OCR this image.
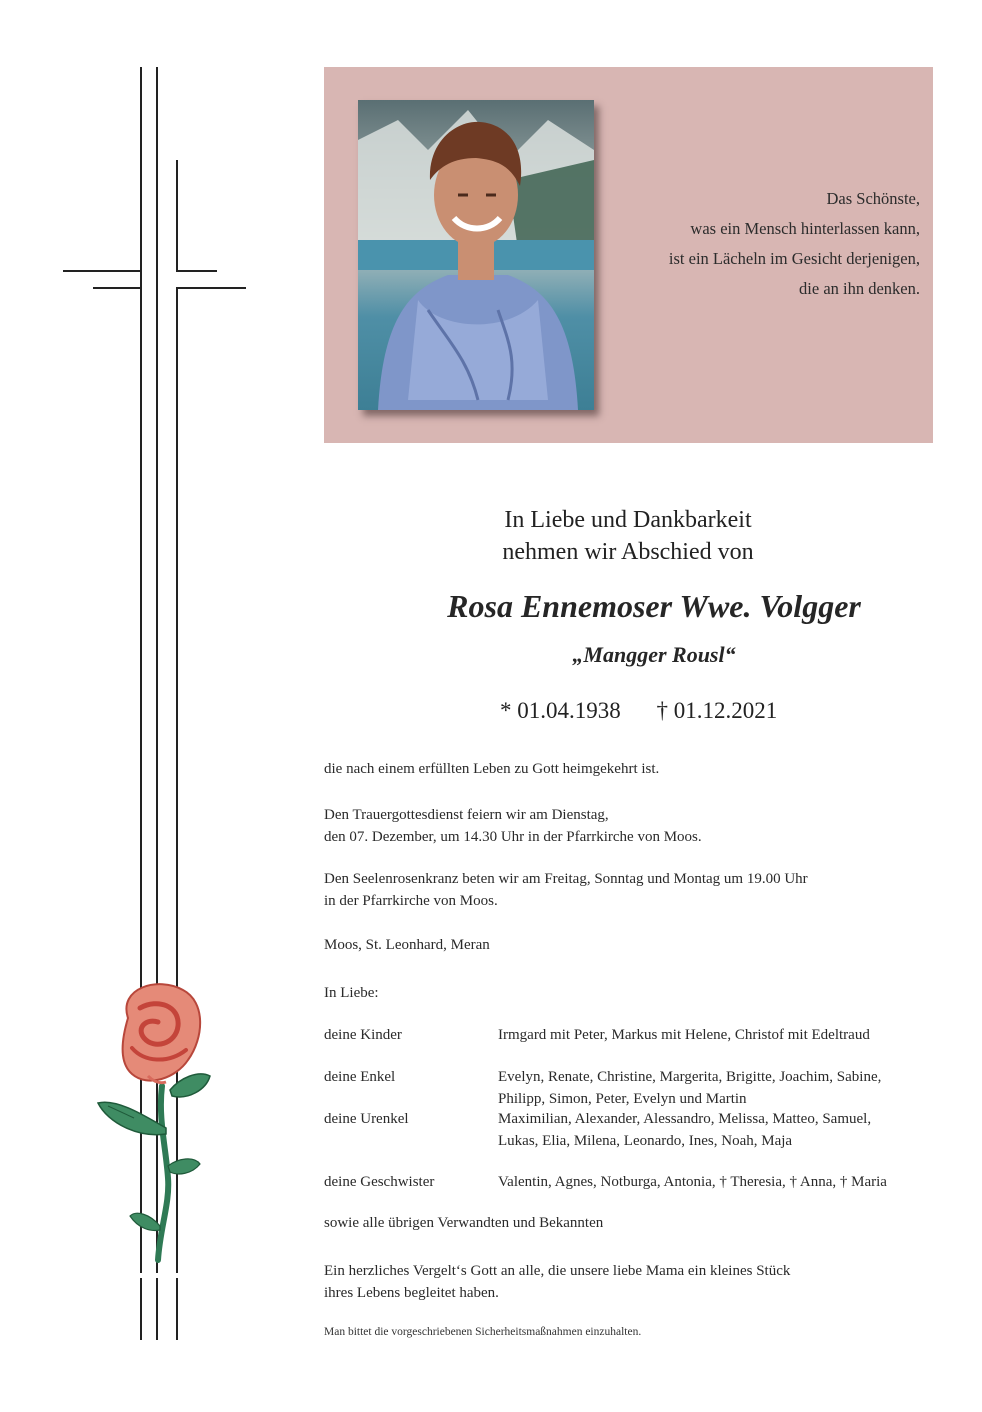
Das Schönste,
was ein Mensch hinterlassen kann,
ist ein Lächeln im Gesicht derjenigen,
die an ihn denken.
In Liebe und Dankbarkeit
nehmen wir Abschied von
Rosa Ennemoser Wwe. Volgger
„Mangger Rousl“
* 01.04.1938 † 01.12.2021
die nach einem erfüllten Leben zu Gott heimgekehrt ist.
Den Trauergottesdienst feiern wir am Dienstag,
den 07. Dezember, um 14.30 Uhr in der Pfarrkirche von Moos.
Den Seelenrosenkranz beten wir am Freitag, Sonntag und Montag um 19.00 Uhr
in der Pfarrkirche von Moos.
Moos, St. Leonhard, Meran
In Liebe:
deine Kinder	Irmgard mit Peter, Markus mit Helene, Christof mit Edeltraud
deine Enkel	Evelyn, Renate, Christine, Margerita, Brigitte, Joachim, Sabine,
Philipp, Simon, Peter, Evelyn und Martin
deine Urenkel	Maximilian, Alexander, Alessandro, Melissa, Matteo, Samuel,
Lukas, Elia, Milena, Leonardo, Ines, Noah, Maja
deine Geschwister	Valentin, Agnes, Notburga, Antonia, † Theresia, † Anna, † Maria
sowie alle übrigen Verwandten und Bekannten
Ein herzliches Vergelt‘s Gott an alle, die unsere liebe Mama ein kleines Stück
ihres Lebens begleitet haben.
Man bittet die vorgeschriebenen Sicherheitsmaßnahmen einzuhalten.
